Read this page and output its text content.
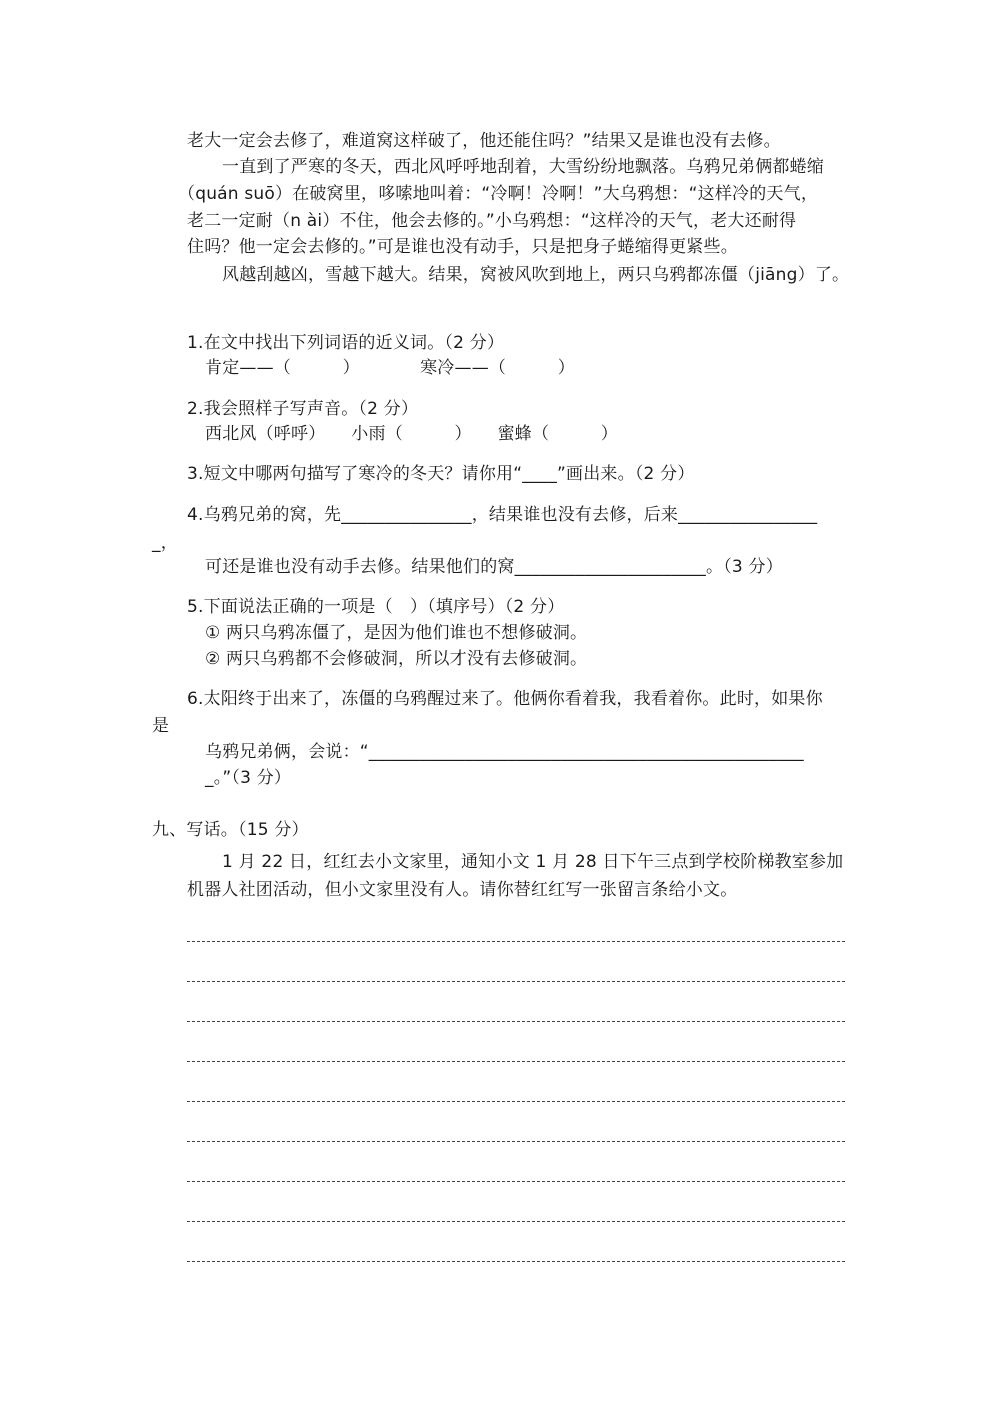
老大一定会去修了，难道窝这样破了，他还能住吗？”结果又是谁也没有去修。
一直到了严寒的冬天，西北风呼呼地刮着，大雪纷纷地飘落。乌鸦兄弟俩都蜷缩
（quán suō）在破窝里，哆嗦地叫着：“冷啊！冷啊！”大乌鸦想：“这样冷的天气，
老二一定耐（n ài）不住，他会去修的。”小乌鸦想：“这样冷的天气，老大还耐得
住吗？他一定会去修的。”可是谁也没有动手，只是把身子蜷缩得更紧些。
风越刮越凶，雪越下越大。结果，窝被风吹到地上，两只乌鸦都冻僵（jiāng）了。
1.在文中找出下列词语的近义词。（2 分）
肯定——（　　　）　　　　寒冷——（　　　）
2.我会照样子写声音。（2 分）
西北风（呼呼）　　小雨（　　　）　　蜜蜂（　　　）
3.短文中哪两句描写了寒冷的冬天？请你用“____”画出来。（2 分）
4.乌鸦兄弟的窝，先_______________，结果谁也没有去修，后来________________
_，
可还是谁也没有动手去修。结果他们的窝______________________。（3 分）
5.下面说法正确的一项是（　）（填序号）（2 分）
① 两只乌鸦冻僵了，是因为他们谁也不想修破洞。
② 两只乌鸦都不会修破洞，所以才没有去修破洞。
6.太阳终于出来了，冻僵的乌鸦醒过来了。他俩你看着我，我看着你。此时，如果你
是
乌鸦兄弟俩，会说：“__________________________________________________
_。”（3 分）
九、写话。（15 分）
1 月 22 日，红红去小文家里，通知小文 1 月 28 日下午三点到学校阶梯教室参加
机器人社团活动，但小文家里没有人。请你替红红写一张留言条给小文。
